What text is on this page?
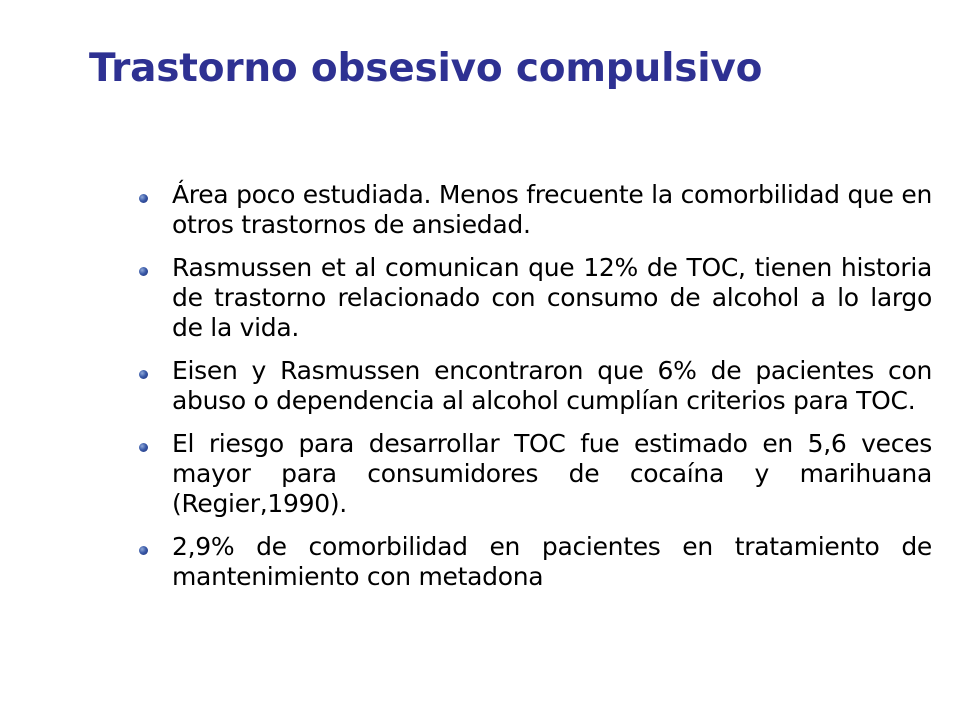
Trastorno obsesivo compulsivo
Área poco estudiada. Menos frecuente la comorbilidad que en otros trastornos de ansiedad.
Rasmussen et al comunican que 12% de TOC, tienen historia de trastorno relacionado con consumo de alcohol a lo largo de la vida.
Eisen y Rasmussen encontraron que 6% de pacientes con abuso o dependencia al alcohol cumplían criterios para TOC.
El riesgo para desarrollar TOC fue estimado en 5,6 veces mayor para consumidores de cocaína y marihuana (Regier,1990).
2,9% de comorbilidad en pacientes en tratamiento de mantenimiento con metadona
